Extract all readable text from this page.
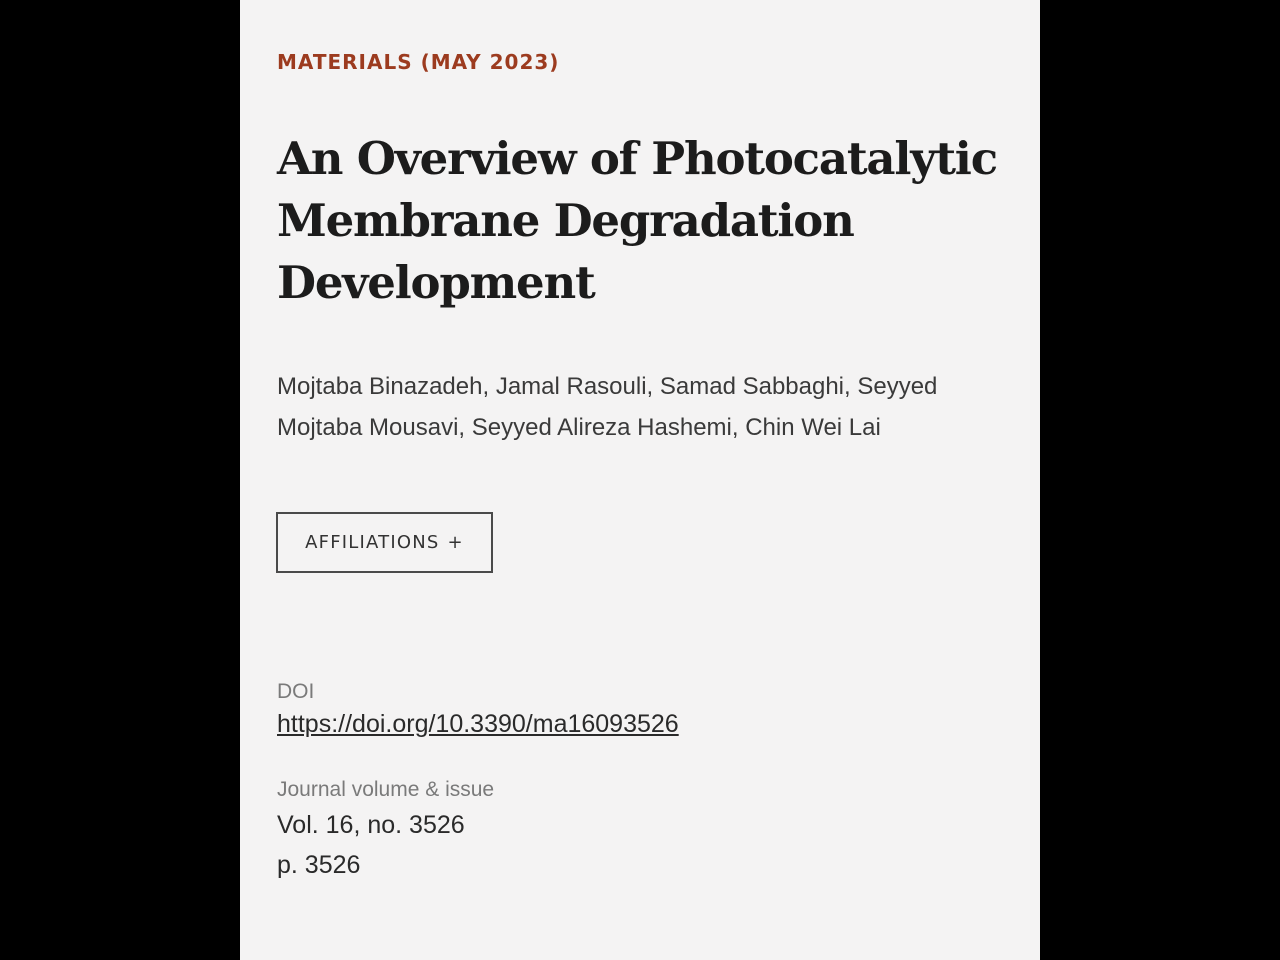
MATERIALS (MAY 2023)
An Overview of Photocatalytic Membrane Degradation Development
Mojtaba Binazadeh, Jamal Rasouli, Samad Sabbaghi, Seyyed Mojtaba Mousavi, Seyyed Alireza Hashemi, Chin Wei Lai
AFFILIATIONS +
DOI
https://doi.org/10.3390/ma16093526
Journal volume & issue
Vol. 16, no. 3526
p. 3526
